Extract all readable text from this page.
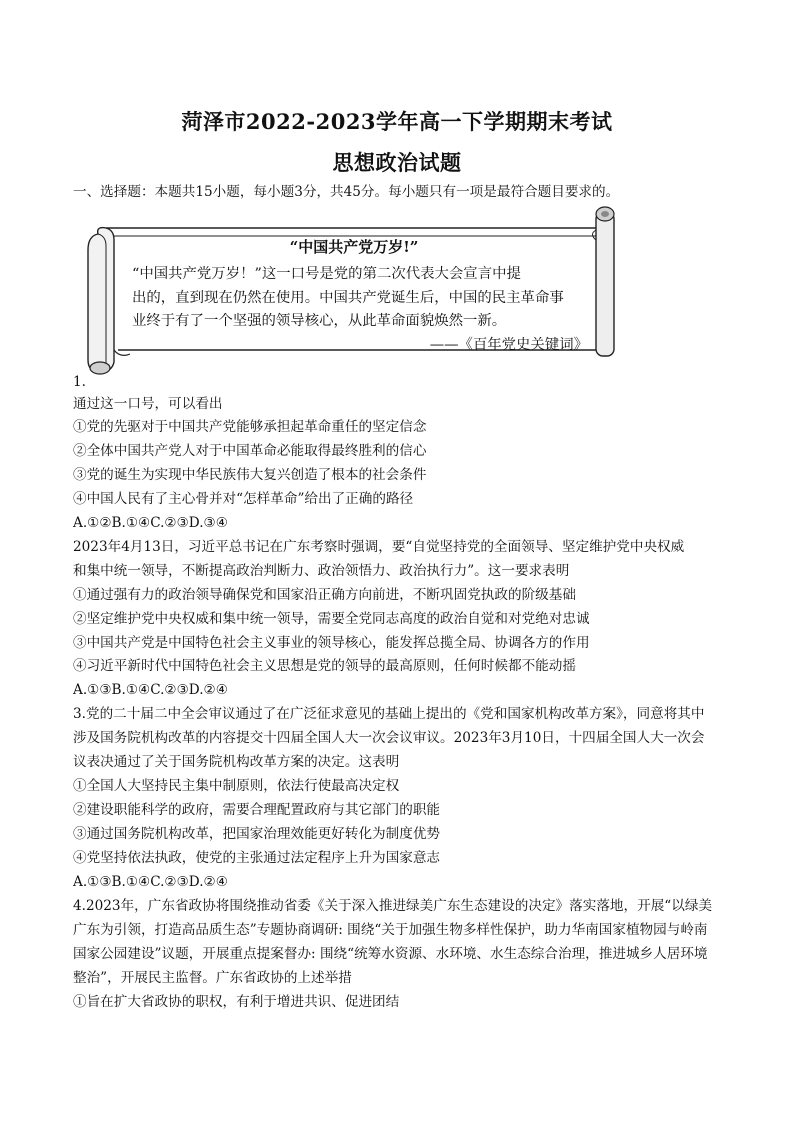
菏泽市2022-2023学年高一下学期期末考试
思想政治试题
一、选择题：本题共15小题，每小题3分，共45分。每小题只有一项是最符合题目要求的。
“中国共产党万岁!”
“中国共产党万岁！”这一口号是党的第二次代表大会宣言中提
出的，直到现在仍然在使用。中国共产党诞生后，中国的民主革命事
业终于有了一个坚强的领导核心，从此革命面貌焕然一新。
——《百年党史关键词》
1.
通过这一口号，可以看出
①党的先驱对于中国共产党能够承担起革命重任的坚定信念
②全体中国共产党人对于中国革命必能取得最终胜利的信心
③党的诞生为实现中华民族伟大复兴创造了根本的社会条件
④中国人民有了主心骨并对“怎样革命”给出了正确的路径
A.①②B.①④C.②③D.③④
2023年4月13日，习近平总书记在广东考察时强调，要“自觉坚持党的全面领导、坚定维护党中央权威
和集中统一领导，不断提高政治判断力、政治领悟力、政治执行力”。这一要求表明
①通过强有力的政治领导确保党和国家沿正确方向前进，不断巩固党执政的阶级基础
②坚定维护党中央权威和集中统一领导，需要全党同志高度的政治自觉和对党绝对忠诚
③中国共产党是中国特色社会主义事业的领导核心，能发挥总揽全局、协调各方的作用
④习近平新时代中国特色社会主义思想是党的领导的最高原则，任何时候都不能动摇
A.①③B.①④C.②③D.②④
3.党的二十届二中全会审议通过了在广泛征求意见的基础上提出的《党和国家机构改革方案》，同意将其中
涉及国务院机构改革的内容提交十四届全国人大一次会议审议。2023年3月10日，十四届全国人大一次会
议表决通过了关于国务院机构改革方案的决定。这表明
①全国人大坚持民主集中制原则，依法行使最高决定权
②建设职能科学的政府，需要合理配置政府与其它部门的职能
③通过国务院机构改革，把国家治理效能更好转化为制度优势
④党坚持依法执政，使党的主张通过法定程序上升为国家意志
A.①③B.①④C.②③D.②④
4.2023年，广东省政协将围绕推动省委《关于深入推进绿美广东生态建设的决定》落实落地，开展“以绿美
广东为引领，打造高品质生态”专题协商调研: 围绕“关于加强生物多样性保护，助力华南国家植物园与岭南
国家公园建设”议题，开展重点提案督办: 围绕“统筹水资源、水环境、水生态综合治理，推进城乡人居环境
整治”，开展民主监督。广东省政协的上述举措
①旨在扩大省政协的职权，有利于增进共识、促进团结
